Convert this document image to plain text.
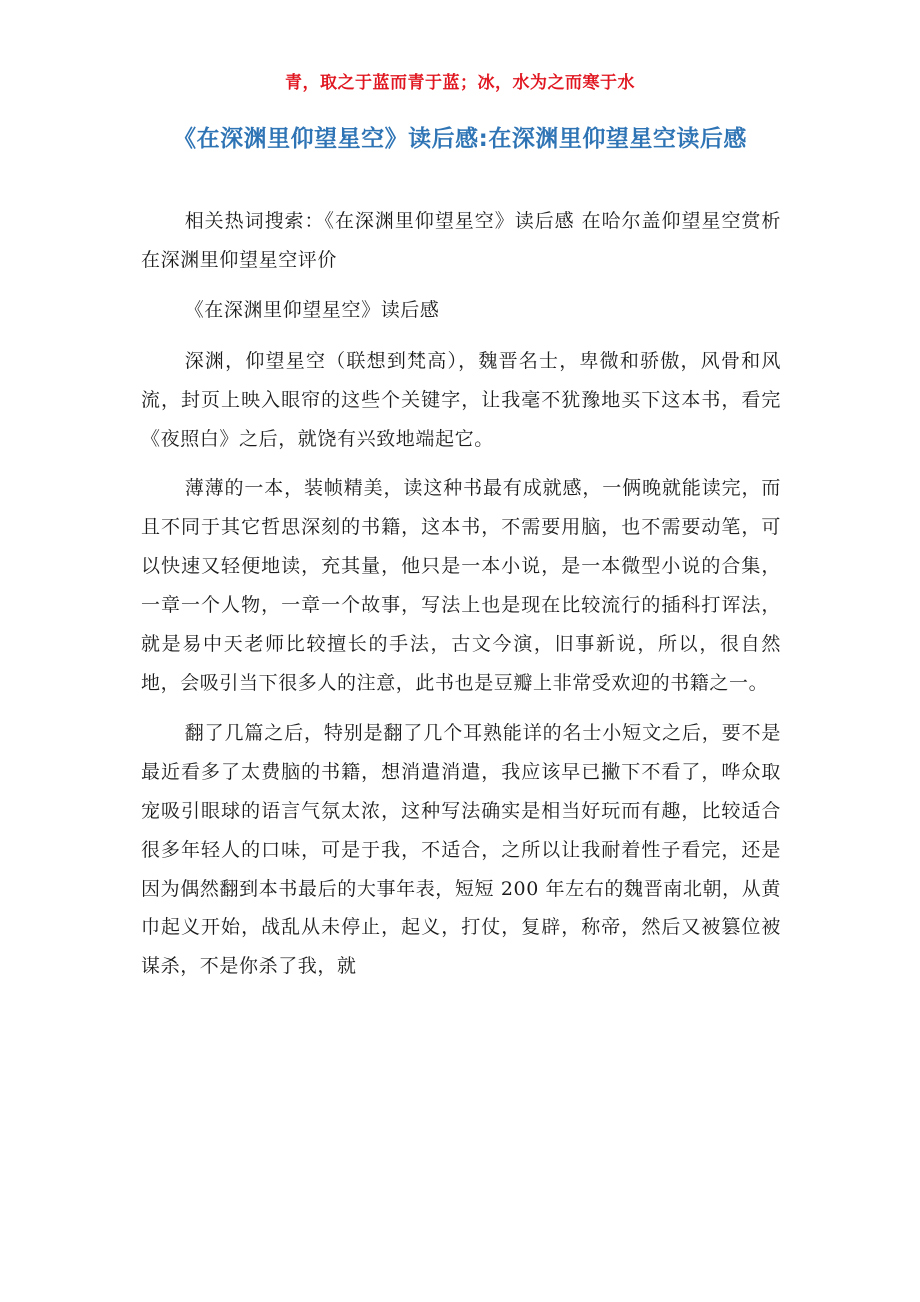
青，取之于蓝而青于蓝；冰，水为之而寒于水
《在深渊里仰望星空》读后感:在深渊里仰望星空读后感

相关热词搜索：《在深渊里仰望星空》读后感 在哈尔盖仰望星空赏析 在深渊里仰望星空评价

《在深渊里仰望星空》读后感

深渊，仰望星空（联想到梵高），魏晋名士，卑微和骄傲，风骨和风流，封页上映入眼帘的这些个关键字，让我毫不犹豫地买下这本书，看完《夜照白》之后，就饶有兴致地端起它。

薄薄的一本，装帧精美，读这种书最有成就感，一俩晚就能读完，而且不同于其它哲思深刻的书籍，这本书，不需要用脑，也不需要动笔，可以快速又轻便地读，充其量，他只是一本小说，是一本微型小说的合集，一章一个人物，一章一个故事，写法上也是现在比较流行的插科打诨法，就是易中天老师比较擅长的手法，古文今演，旧事新说，所以，很自然地，会吸引当下很多人的注意，此书也是豆瓣上非常受欢迎的书籍之一。

翻了几篇之后，特别是翻了几个耳熟能详的名士小短文之后，要不是最近看多了太费脑的书籍，想消遣消遣，我应该早已撇下不看了，哗众取宠吸引眼球的语言气氛太浓，这种写法确实是相当好玩而有趣，比较适合很多年轻人的口味，可是于我，不适合，之所以让我耐着性子看完，还是因为偶然翻到本书最后的大事年表，短短 200 年左右的魏晋南北朝，从黄巾起义开始，战乱从未停止，起义，打仗，复辟，称帝，然后又被篡位被谋杀，不是你杀了我，就
